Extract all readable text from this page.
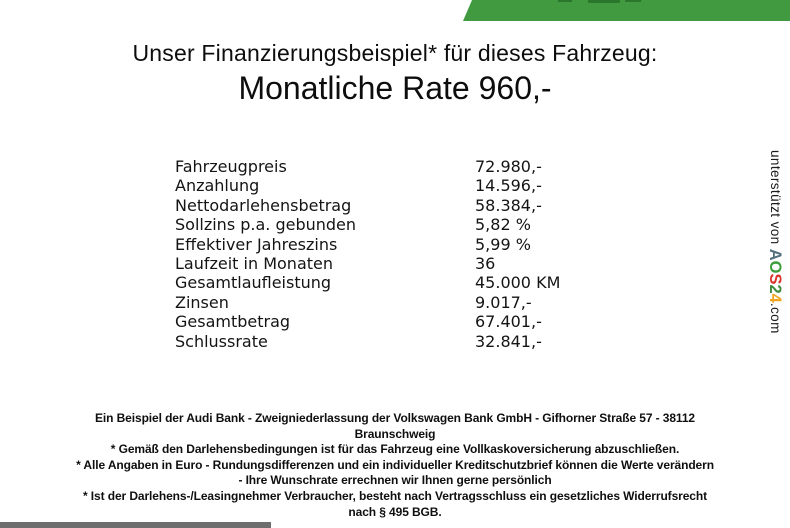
Unser Finanzierungsbeispiel* für dieses Fahrzeug:
Monatliche Rate 960,-
Fahrzeugpreis	72.980,-
Anzahlung	14.596,-
Nettodarlehensbetrag	58.384,-
Sollzins p.a. gebunden	5,82 %
Effektiver Jahreszins	5,99 %
Laufzeit in Monaten	36
Gesamtlaufleistung	45.000 KM
Zinsen	9.017,-
Gesamtbetrag	67.401,-
Schlussrate	32.841,-
Ein Beispiel der Audi Bank - Zweigniederlassung der Volkswagen Bank GmbH - Gifhorner Straße 57 - 38112
Braunschweig
* Gemäß den Darlehensbedingungen ist für das Fahrzeug eine Vollkaskoversicherung abzuschließen.
* Alle Angaben in Euro - Rundungsdifferenzen und ein individueller Kreditschutzbrief können die Werte verändern
- Ihre Wunschrate errechnen wir Ihnen gerne persönlich
* Ist der Darlehens-/Leasingnehmer Verbraucher, besteht nach Vertragsschluss ein gesetzliches Widerrufsrecht
nach § 495 BGB.
unterstützt von AOS24.com
